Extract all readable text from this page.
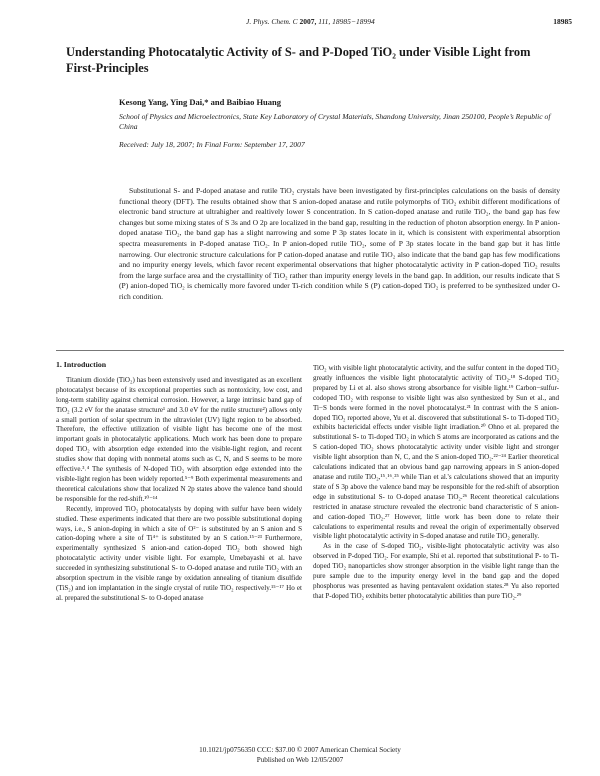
J. Phys. Chem. C 2007, 111, 18985−18994	18985
Understanding Photocatalytic Activity of S- and P-Doped TiO₂ under Visible Light from First-Principles
Kesong Yang, Ying Dai,* and Baibiao Huang
School of Physics and Microelectronics, State Key Laboratory of Crystal Materials, Shandong University, Jinan 250100, People’s Republic of China
Received: July 18, 2007; In Final Form: September 17, 2007

Substitutional S- and P-doped anatase and rutile TiO₂ crystals have been investigated by first-principles calculations on the basis of density functional theory (DFT). The results obtained show that S anion-doped anatase and rutile polymorphs of TiO₂ exhibit different modifications of electronic band structure at ultrahigher and realtively lower S concentration. In S cation-doped anatase and rutile TiO₂, the band gap has few changes but some mixing states of S 3s and O 2p are localized in the band gap, resulting in the reduction of photon absorption energy. In P anion-doped anatase TiO₂, the band gap has a slight narrowing and some P 3p states locate in it, which is consistent with experimental absorption spectra measurements in P-doped anatase TiO₂. In P anion-doped rutile TiO₂, some of P 3p states locate in the band gap but it has little narrowing. Our electronic structure calculations for P cation-doped anatase and rutile TiO₂ also indicate that the band gap has few modifications and no impurity energy levels, which favor recent experimental observations that higher photocatalytic activity in P cation-doped TiO₂ results from the large surface area and the crystallinity of TiO₂ rather than impurity energy levels in the band gap. In addition, our results indicate that S (P) anion-doped TiO₂ is chemically more favored under Ti-rich condition while S (P) cation-doped TiO₂ is preferred to be synthesized under O-rich condition.

1. Introduction

Titanium dioxide (TiO₂) has been extensively used and investigated as an excellent photocatalyst because of its exceptional properties such as nontoxicity, low cost, and long-term stability against chemical corrosion. However, a large intrinsic band gap of TiO₂ (3.2 eV for the anatase structure¹ and 3.0 eV for the rutile structure²) allows only a small portion of solar spectrum in the ultraviolet (UV) light region to be absorbed. Therefore, the effective utilization of visible light has become one of the most important goals in photocatalytic applications. Much work has been done to prepare doped TiO₂ with absorption edge extended into the visible-light region, and recent studies show that doping with nonmetal atoms such as C, N, and S seems to be more effective.³˒⁴ The synthesis of N-doped TiO₂ with absorption edge extended into the visible-light region has been widely reported.⁵⁻⁹ Both experimental measurements and theoretical calculations show that localized N 2p states above the valence band should be responsible for the red-shift.¹⁰⁻¹⁴

Recently, improved TiO₂ photocatalysts by doping with sulfur have been widely studied. These experiments indicated that there are two possible substitutional doping ways, i.e., S anion-doping in which a site of O²⁻ is substituted by an S anion and S cation-doping where a site of Ti⁴⁺ is substituted by an S cation.¹⁵⁻²³ Furthermore, experimentally synthesized S anion-and cation-doped TiO₂ both showed high photocatalytic activity under visible light. For example, Umebayashi et al. have succeeded in synthesizing substitutional S- to O-doped anatase and rutile TiO₂ with an absorption spectrum in the visible range by oxidation annealing of titanium disulfide (TiS₂) and ion implantation in the single crystal of rutile TiO₂ respectively.¹⁵⁻¹⁷ Ho et al. prepared the substitutional S- to O-doped anatase

TiO₂ with visible light photocatalytic activity, and the sulfur content in the doped TiO₂ greatly influences the visible light photocatalytic activity of TiO₂.¹⁸ S-doped TiO₂ prepared by Li et al. also shows strong absorbance for visible light.¹⁹ Carbon−sulfur-codoped TiO₂ with response to visible light was also synthesized by Sun et al., and Ti−S bonds were formed in the novel photocatalyst.²¹ In contrast with the S anion-doped TiO₂ reported above, Yu et al. discovered that substitutional S- to Ti-doped TiO₂ exhibits bactericidal effects under visible light irradiation.²⁰ Ohno et al. prepared the substitutional S- to Ti-doped TiO₂ in which S atoms are incorporated as cations and the S cation-doped TiO₂ shows photocatalytic activity under visible light and stronger visible light absorption than N, C, and the S anion-doped TiO₂.²²⁻²⁴ Earlier theoretical calculations indicated that an obvious band gap narrowing appears in S anion-doped anatase and rutile TiO₂,¹⁵˒¹⁶˒²⁵ while Tian et al.'s calculations showed that an impurity state of S 3p above the valence band may be responsible for the red-shift of absorption edge in substitutional S- to O-doped anatase TiO₂.²⁶ Recent theoretical calculations restricted in anatase structure revealed the electronic band characteristic of S anion- and cation-doped TiO₂.²⁷ However, little work has been done to relate their calculations to experimental results and reveal the origin of experimentally observed visible light photocatalytic activity in S-doped anatase and rutile TiO₂ generally.

As in the case of S-doped TiO₂, visible-light photocatalytic activity was also observed in P-doped TiO₂. For example, Shi et al. reported that substitutional P- to Ti-doped TiO₂ nanoparticles show stronger absorption in the visible light range than the pure sample due to the impurity energy level in the band gap and the doped phosphorus was presented as having pentavalent oxidation states.²⁸ Yu also reported that P-doped TiO₂ exhibits better photocatalytic abilities than pure TiO₂.²⁹

10.1021/jp0756350 CCC: $37.00 © 2007 American Chemical Society
Published on Web 12/05/2007
